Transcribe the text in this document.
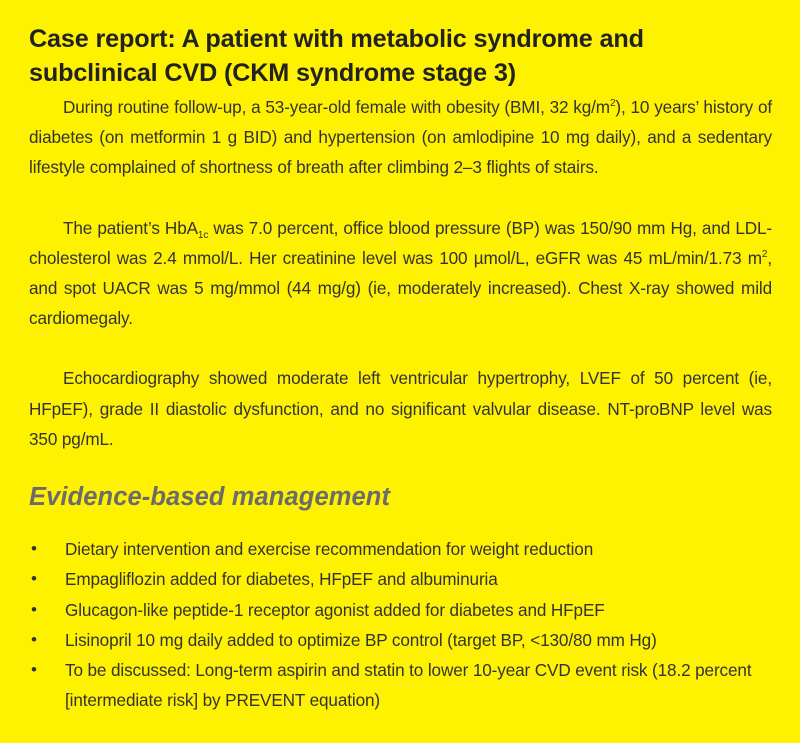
Case report: A patient with metabolic syndrome and
subclinical CVD (CKM syndrome stage 3)

During routine follow-up, a 53-year-old female with obesity (BMI, 32 $kg/m^2$), 10 years’ history of diabetes (on metformin 1 g BID) and hypertension (on amlodipine 10 mg daily), and a sedentary lifestyle complained of shortness of breath after climbing 2–3 flights of stairs.

The patient’s HbA$_{1c}$ was 7.0 percent, office blood pressure (BP) was 150/90 mm Hg, and LDL-cholesterol was 2.4 mmol/L. Her creatinine level was 100 µmol/L, eGFR was 45 mL/min/1.73 $m^2$, and spot UACR was 5 mg/mmol (44 mg/g) (ie, moderately increased). Chest X-ray showed mild cardiomegaly.

Echocardiography showed moderate left ventricular hypertrophy, LVEF of 50 percent (ie, HFpEF), grade II diastolic dysfunction, and no significant valvular disease. NT-proBNP level was 350 pg/mL.

Evidence-based management
• Dietary intervention and exercise recommendation for weight reduction
• Empagliflozin added for diabetes, HFpEF and albuminuria
• Glucagon-like peptide-1 receptor agonist added for diabetes and HFpEF
• Lisinopril 10 mg daily added to optimize BP control (target BP, <130/80 mm Hg)
• To be discussed: Long-term aspirin and statin to lower 10-year CVD event risk (18.2 percent [intermediate risk] by PREVENT equation)
